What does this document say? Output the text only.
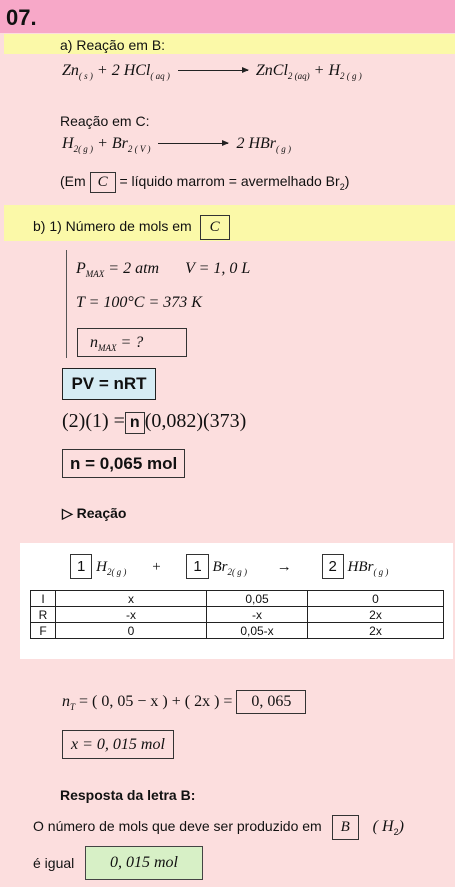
07.
a) Reação em B:
$Zn_{( s )} + 2$ HCl$_{( aq )}$	ZnCl$_{2 (aq)}$ + $H_{2 ( g )}$
Reação em C:
$H_{2( g )} + Br_{2 ( V )}$	2 HBr$_{( g )}$
(Em C = líquido marrom = avermelhado $Br_2$)
b) 1) Número de mols em C
$P_{MAX} = 2$ atm V = 1, 0 L
T = 100°C = 373 K
$n_{MAX}$ = ?
PV = nRT
(2)(1) = n (0,082)(373)
n = 0,065 mol
▷ Reação
1 $H_{2( g )} + 1$ $Br_{2( g )} \to 2$ HBr$_{( g )}$
I	x	0,05	0
R	-x	-x	2x
F	0	0,05-x	2x
$n_T$ = ( 0, 05 − x ) + ( 2x ) = 0, 065
x = 0, 015 mol
Resposta da letra B:
O número de mols que deve ser produzido em B ( $H_2$)
é igual	0, 015 mol
